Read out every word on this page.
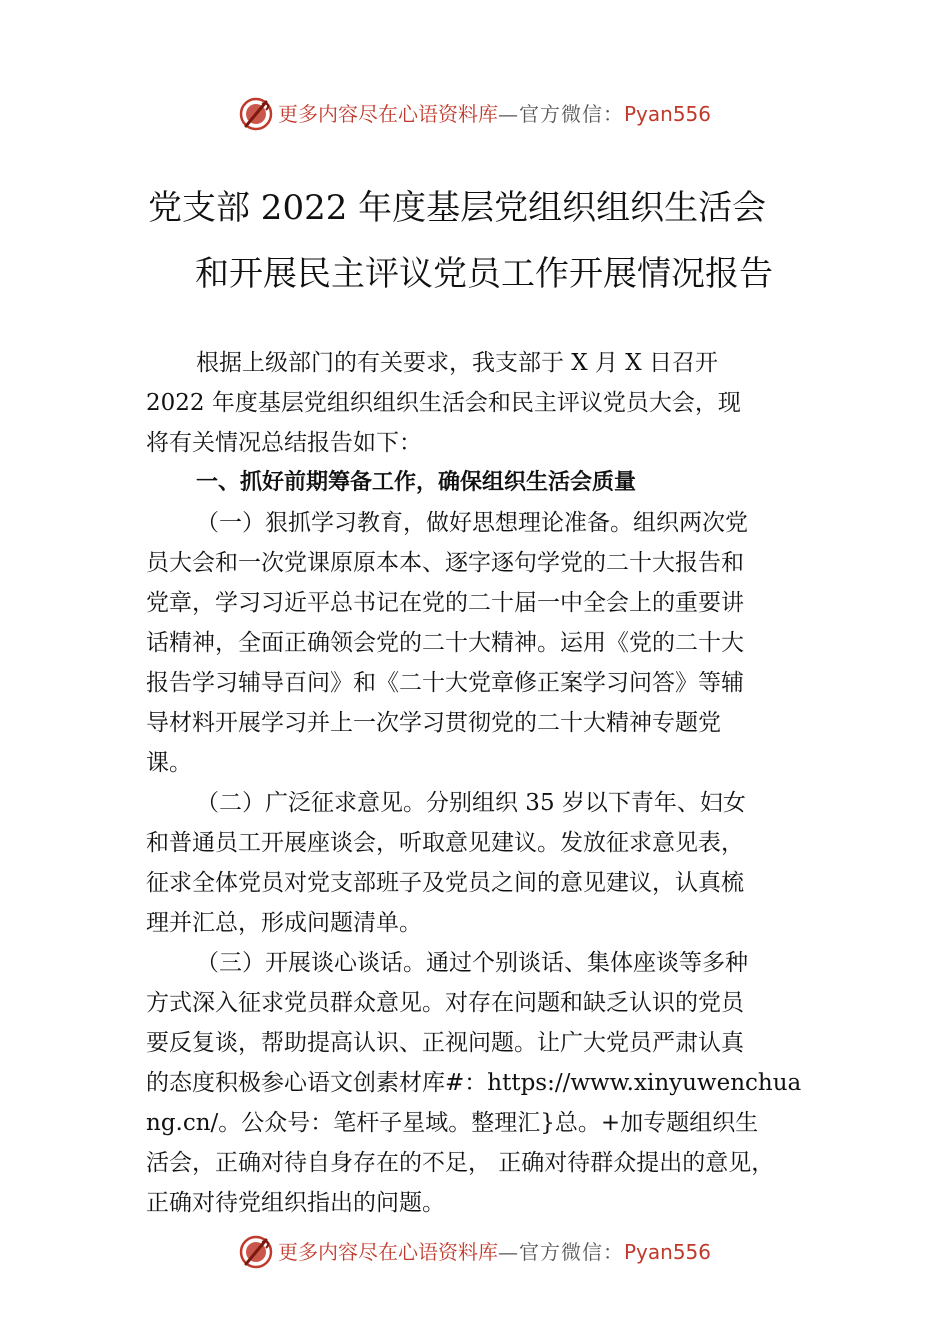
更多内容尽在心语资料库—官方微信：Pyan556
党支部 2022 年度基层党组织组织生活会
和开展民主评议党员工作开展情况报告
根据上级部门的有关要求，我支部于 X 月 X 日召开
2022 年度基层党组织组织生活会和民主评议党员大会，现
将有关情况总结报告如下：
一、抓好前期筹备工作，确保组织生活会质量
（一）狠抓学习教育，做好思想理论准备。组织两次党
员大会和一次党课原原本本、逐字逐句学党的二十大报告和
党章，学习习近平总书记在党的二十届一中全会上的重要讲
话精神，全面正确领会党的二十大精神。运用《党的二十大
报告学习辅导百问》和《二十大党章修正案学习问答》等辅
导材料开展学习并上一次学习贯彻党的二十大精神专题党
课。
（二）广泛征求意见。分别组织 35 岁以下青年、妇女
和普通员工开展座谈会，听取意见建议。发放征求意见表，
征求全体党员对党支部班子及党员之间的意见建议，认真梳
理并汇总，形成问题清单。
（三）开展谈心谈话。通过个别谈话、集体座谈等多种
方式深入征求党员群众意见。对存在问题和缺乏认识的党员
要反复谈，帮助提高认识、正视问题。让广大党员严肃认真
的态度积极参心语文创素材库#：https://www.xinyuwenchua
ng.cn/。公众号：笔杆子星域。整理汇}总。+加专题组织生
活会，正确对待自身存在的不足， 正确对待群众提出的意见，
正确对待党组织指出的问题。
更多内容尽在心语资料库—官方微信：Pyan556
